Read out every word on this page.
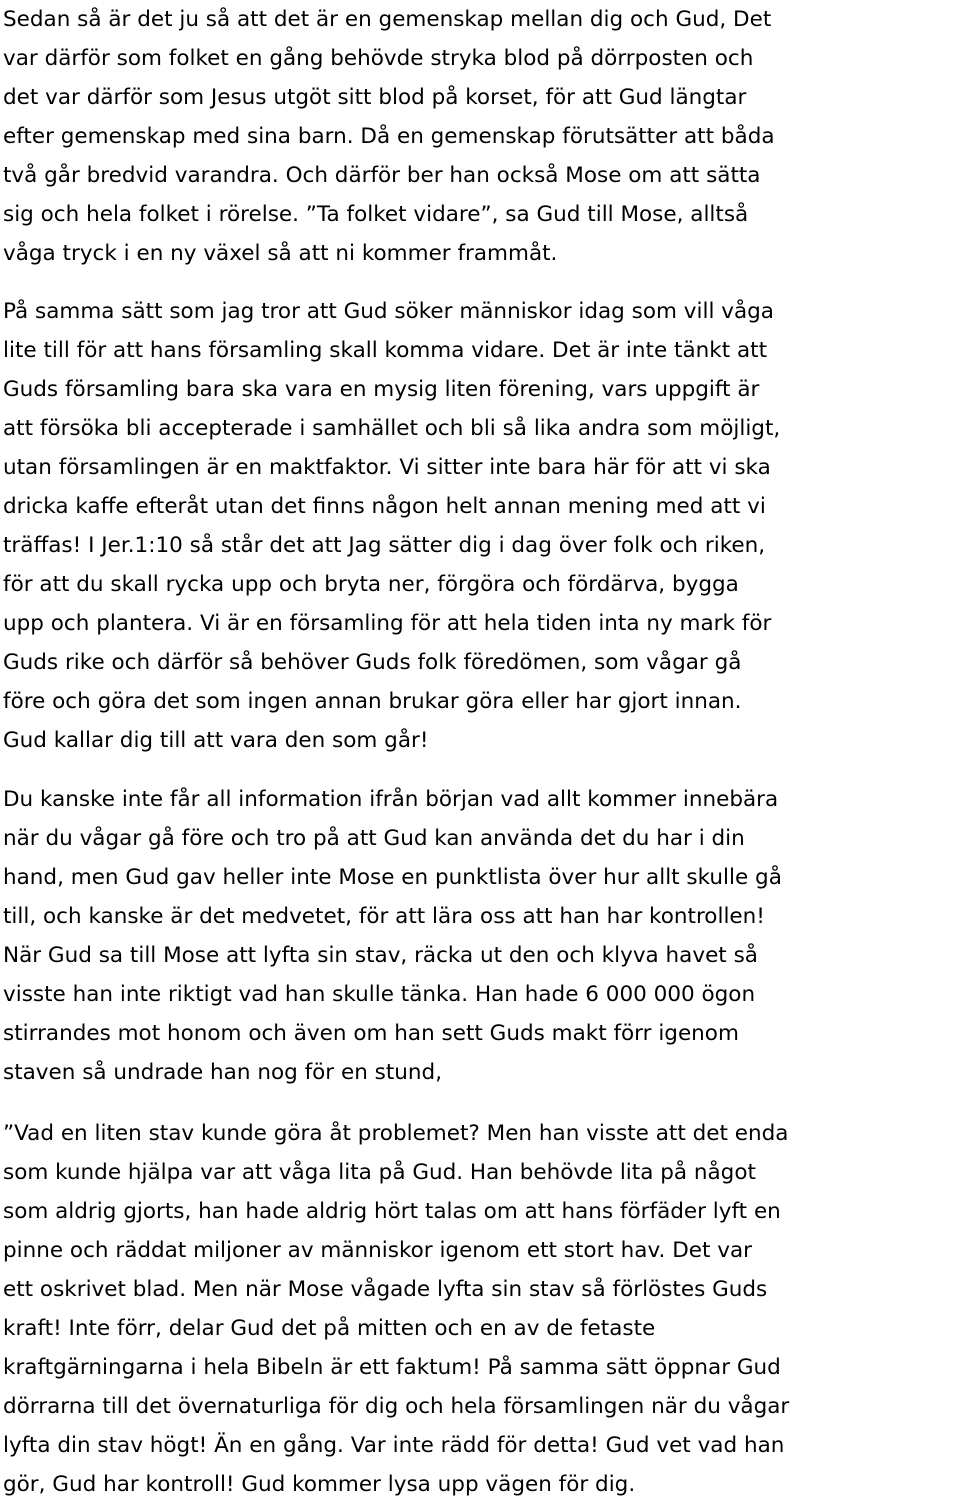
Sedan så är det ju så att det är en gemenskap mellan dig och Gud, Det
var därför som folket en gång behövde stryka blod på dörrposten och
det var därför som Jesus utgöt sitt blod på korset, för att Gud längtar
efter gemenskap med sina barn. Då en gemenskap förutsätter att båda
två går bredvid varandra. Och därför ber han också Mose om att sätta
sig och hela folket i rörelse. ”Ta folket vidare”, sa Gud till Mose, alltså
våga tryck i en ny växel så att ni kommer frammåt.
På samma sätt som jag tror att Gud söker människor idag som vill våga
lite till för att hans församling skall komma vidare. Det är inte tänkt att
Guds församling bara ska vara en mysig liten förening, vars uppgift är
att försöka bli accepterade i samhället och bli så lika andra som möjligt,
utan församlingen är en maktfaktor. Vi sitter inte bara här för att vi ska
dricka kaffe efteråt utan det finns någon helt annan mening med att vi
träffas! I Jer.1:10 så står det att Jag sätter dig i dag över folk och riken,
för att du skall rycka upp och bryta ner, förgöra och fördärva, bygga
upp och plantera. Vi är en församling för att hela tiden inta ny mark för
Guds rike och därför så behöver Guds folk föredömen, som vågar gå
före och göra det som ingen annan brukar göra eller har gjort innan.
Gud kallar dig till att vara den som går!
Du kanske inte får all information ifrån början vad allt kommer innebära
när du vågar gå före och tro på att Gud kan använda det du har i din
hand, men Gud gav heller inte Mose en punktlista över hur allt skulle gå
till, och kanske är det medvetet, för att lära oss att han har kontrollen!
När Gud sa till Mose att lyfta sin stav, räcka ut den och klyva havet så
visste han inte riktigt vad han skulle tänka. Han hade 6 000 000 ögon
stirrandes mot honom och även om han sett Guds makt förr igenom
staven så undrade han nog för en stund,
”Vad en liten stav kunde göra åt problemet? Men han visste att det enda
som kunde hjälpa var att våga lita på Gud. Han behövde lita på något
som aldrig gjorts, han hade aldrig hört talas om att hans förfäder lyft en
pinne och räddat miljoner av människor igenom ett stort hav. Det var
ett oskrivet blad. Men när Mose vågade lyfta sin stav så förlöstes Guds
kraft! Inte förr, delar Gud det på mitten och en av de fetaste
kraftgärningarna i hela Bibeln är ett faktum! På samma sätt öppnar Gud
dörrarna till det övernaturliga för dig och hela församlingen när du vågar
lyfta din stav högt! Än en gång. Var inte rädd för detta! Gud vet vad han
gör, Gud har kontroll! Gud kommer lysa upp vägen för dig.
